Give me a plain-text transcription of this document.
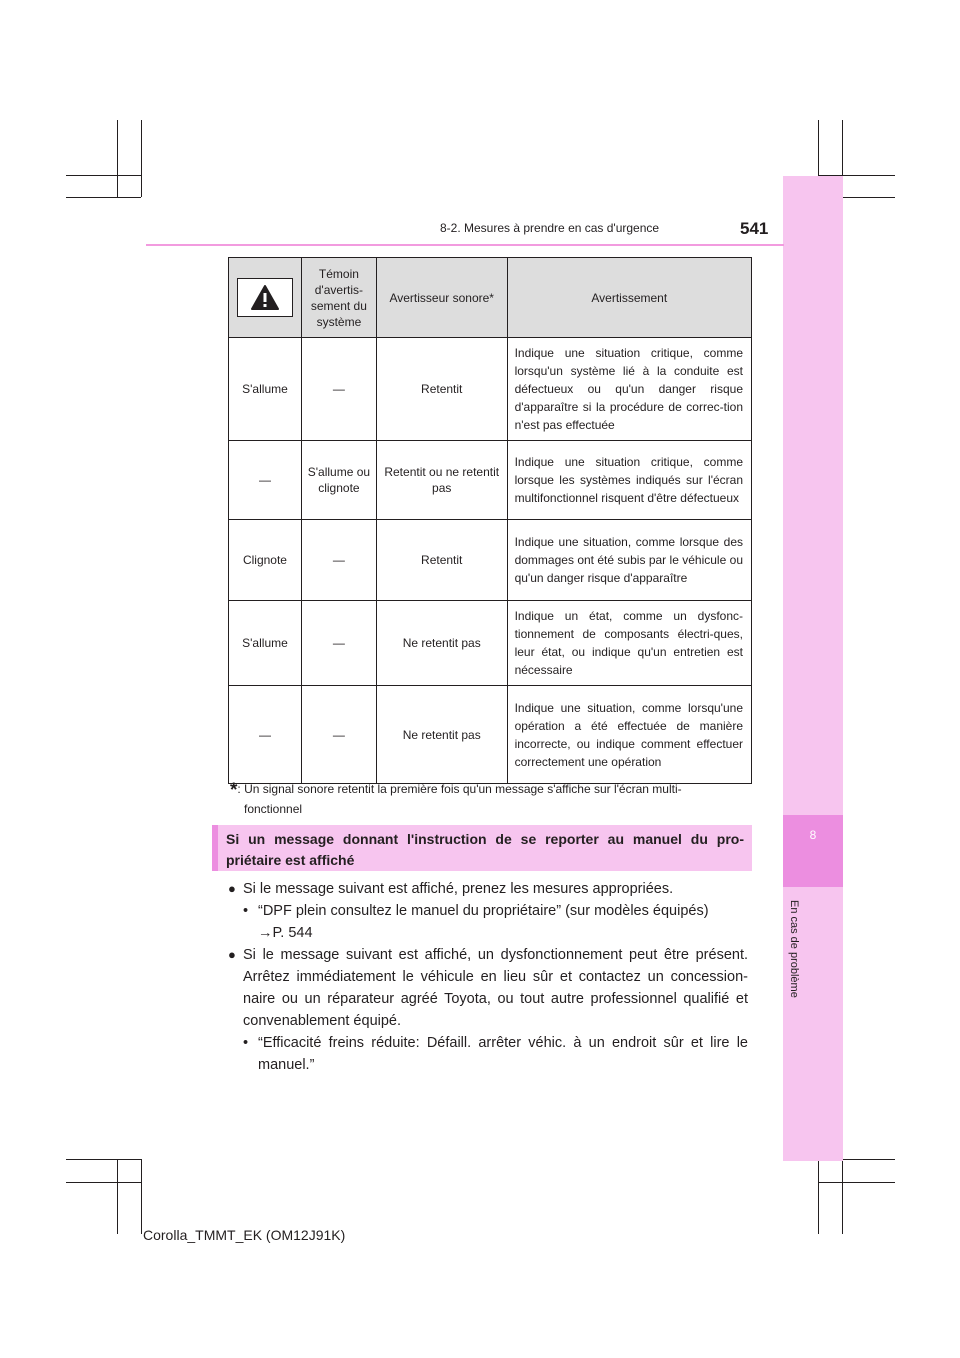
8
En cas de problème
8-2. Mesures à prendre en cas d'urgence	541
	Témoin d'avertis-sement du système	Avertisseur sonore*	Avertissement
S'allume	—	Retentit	Indique une situation critique, comme lorsqu'un système lié à la conduite est défectueux ou qu'un danger risque d'apparaître si la procédure de correc-tion n'est pas effectuée
—	S'allume ou clignote	Retentit ou ne retentit pas	Indique une situation critique, comme lorsque les systèmes indiqués sur l'écran multifonctionnel risquent d'être défectueux
Clignote	—	Retentit	Indique une situation, comme lorsque des dommages ont été subis par le véhicule ou qu'un danger risque d'apparaître
S'allume	—	Ne retentit pas	Indique un état, comme un dysfonc-tionnement de composants électri-ques, leur état, ou indique qu'un entretien est nécessaire
—	—	Ne retentit pas	Indique une situation, comme lorsqu'une opération a été effectuée de manière incorrecte, ou indique comment effectuer correctement une opération
*: Un signal sonore retentit la première fois qu'un message s'affiche sur l'écran multi-
fonctionnel
Si un message donnant l'instruction de se reporter au manuel du pro-priétaire est affiché
● Si le message suivant est affiché, prenez les mesures appropriées.
• “DPF plein consultez le manuel du propriétaire” (sur modèles équipés)
→P. 544
● Si le message suivant est affiché, un dysfonctionnement peut être présent. Arrêtez immédiatement le véhicule en lieu sûr et contactez un concession-naire ou un réparateur agréé Toyota, ou tout autre professionnel qualifié et convenablement équipé.
• “Efficacité freins réduite: Défaill. arrêter véhic. à un endroit sûr et lire le manuel.”
Corolla_TMMT_EK (OM12J91K)
